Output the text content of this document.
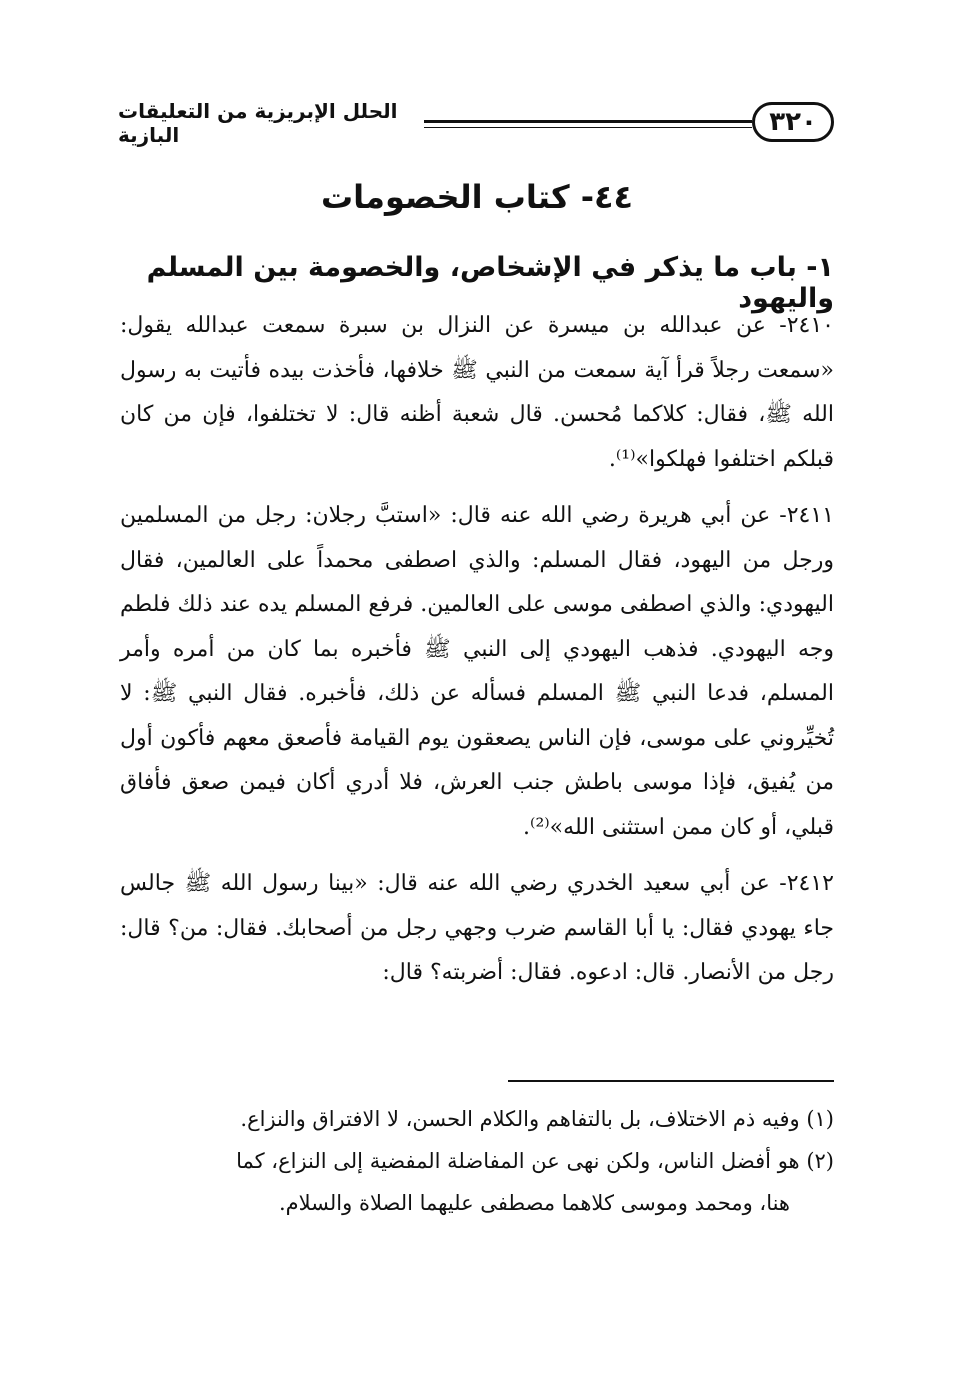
٣٢٠
الحلل الإبريزية من التعليقات البازية
٤٤- كتاب الخصومات
١- باب ما يذكر في الإشخاص، والخصومة بين المسلم واليهود

٢٤١٠- عن عبدالله بن ميسرة عن النزال بن سبرة سمعت عبدالله يقول: «سمعت رجلاً قرأ آية سمعت من النبي ﷺ خلافها، فأخذت بيده فأتيت به رسول الله ﷺ، فقال: كلاكما مُحسن. قال شعبة أظنه قال: لا تختلفوا، فإن من كان قبلكم اختلفوا فهلكوا»⁽¹⁾.

٢٤١١- عن أبي هريرة رضي الله عنه قال: «استبَّ رجلان: رجل من المسلمين ورجل من اليهود، فقال المسلم: والذي اصطفى محمداً على العالمين، فقال اليهودي: والذي اصطفى موسى على العالمين. فرفع المسلم يده عند ذلك فلطم وجه اليهودي. فذهب اليهودي إلى النبي ﷺ فأخبره بما كان من أمره وأمر المسلم، فدعا النبي ﷺ المسلم فسأله عن ذلك، فأخبره. فقال النبي ﷺ: لا تُخيِّروني على موسى، فإن الناس يصعقون يوم القيامة فأصعق معهم فأكون أول من يُفيق، فإذا موسى باطش جنب العرش، فلا أدري أكان فيمن صعق فأفاق قبلي، أو كان ممن استثنى الله»⁽²⁾.

٢٤١٢- عن أبي سعيد الخدري رضي الله عنه قال: «بينا رسول الله ﷺ جالس جاء يهودي فقال: يا أبا القاسم ضرب وجهي رجل من أصحابك. فقال: من؟ قال: رجل من الأنصار. قال: ادعوه. فقال: أضربته؟ قال:

(١) وفيه ذم الاختلاف، بل بالتفاهم والكلام الحسن، لا الافتراق والنزاع.

(٢) هو أفضل الناس، ولكن نهى عن المفاضلة المفضية إلى النزاع، كما

هنا، ومحمد وموسى كلاهما مصطفى عليهما الصلاة والسلام.
